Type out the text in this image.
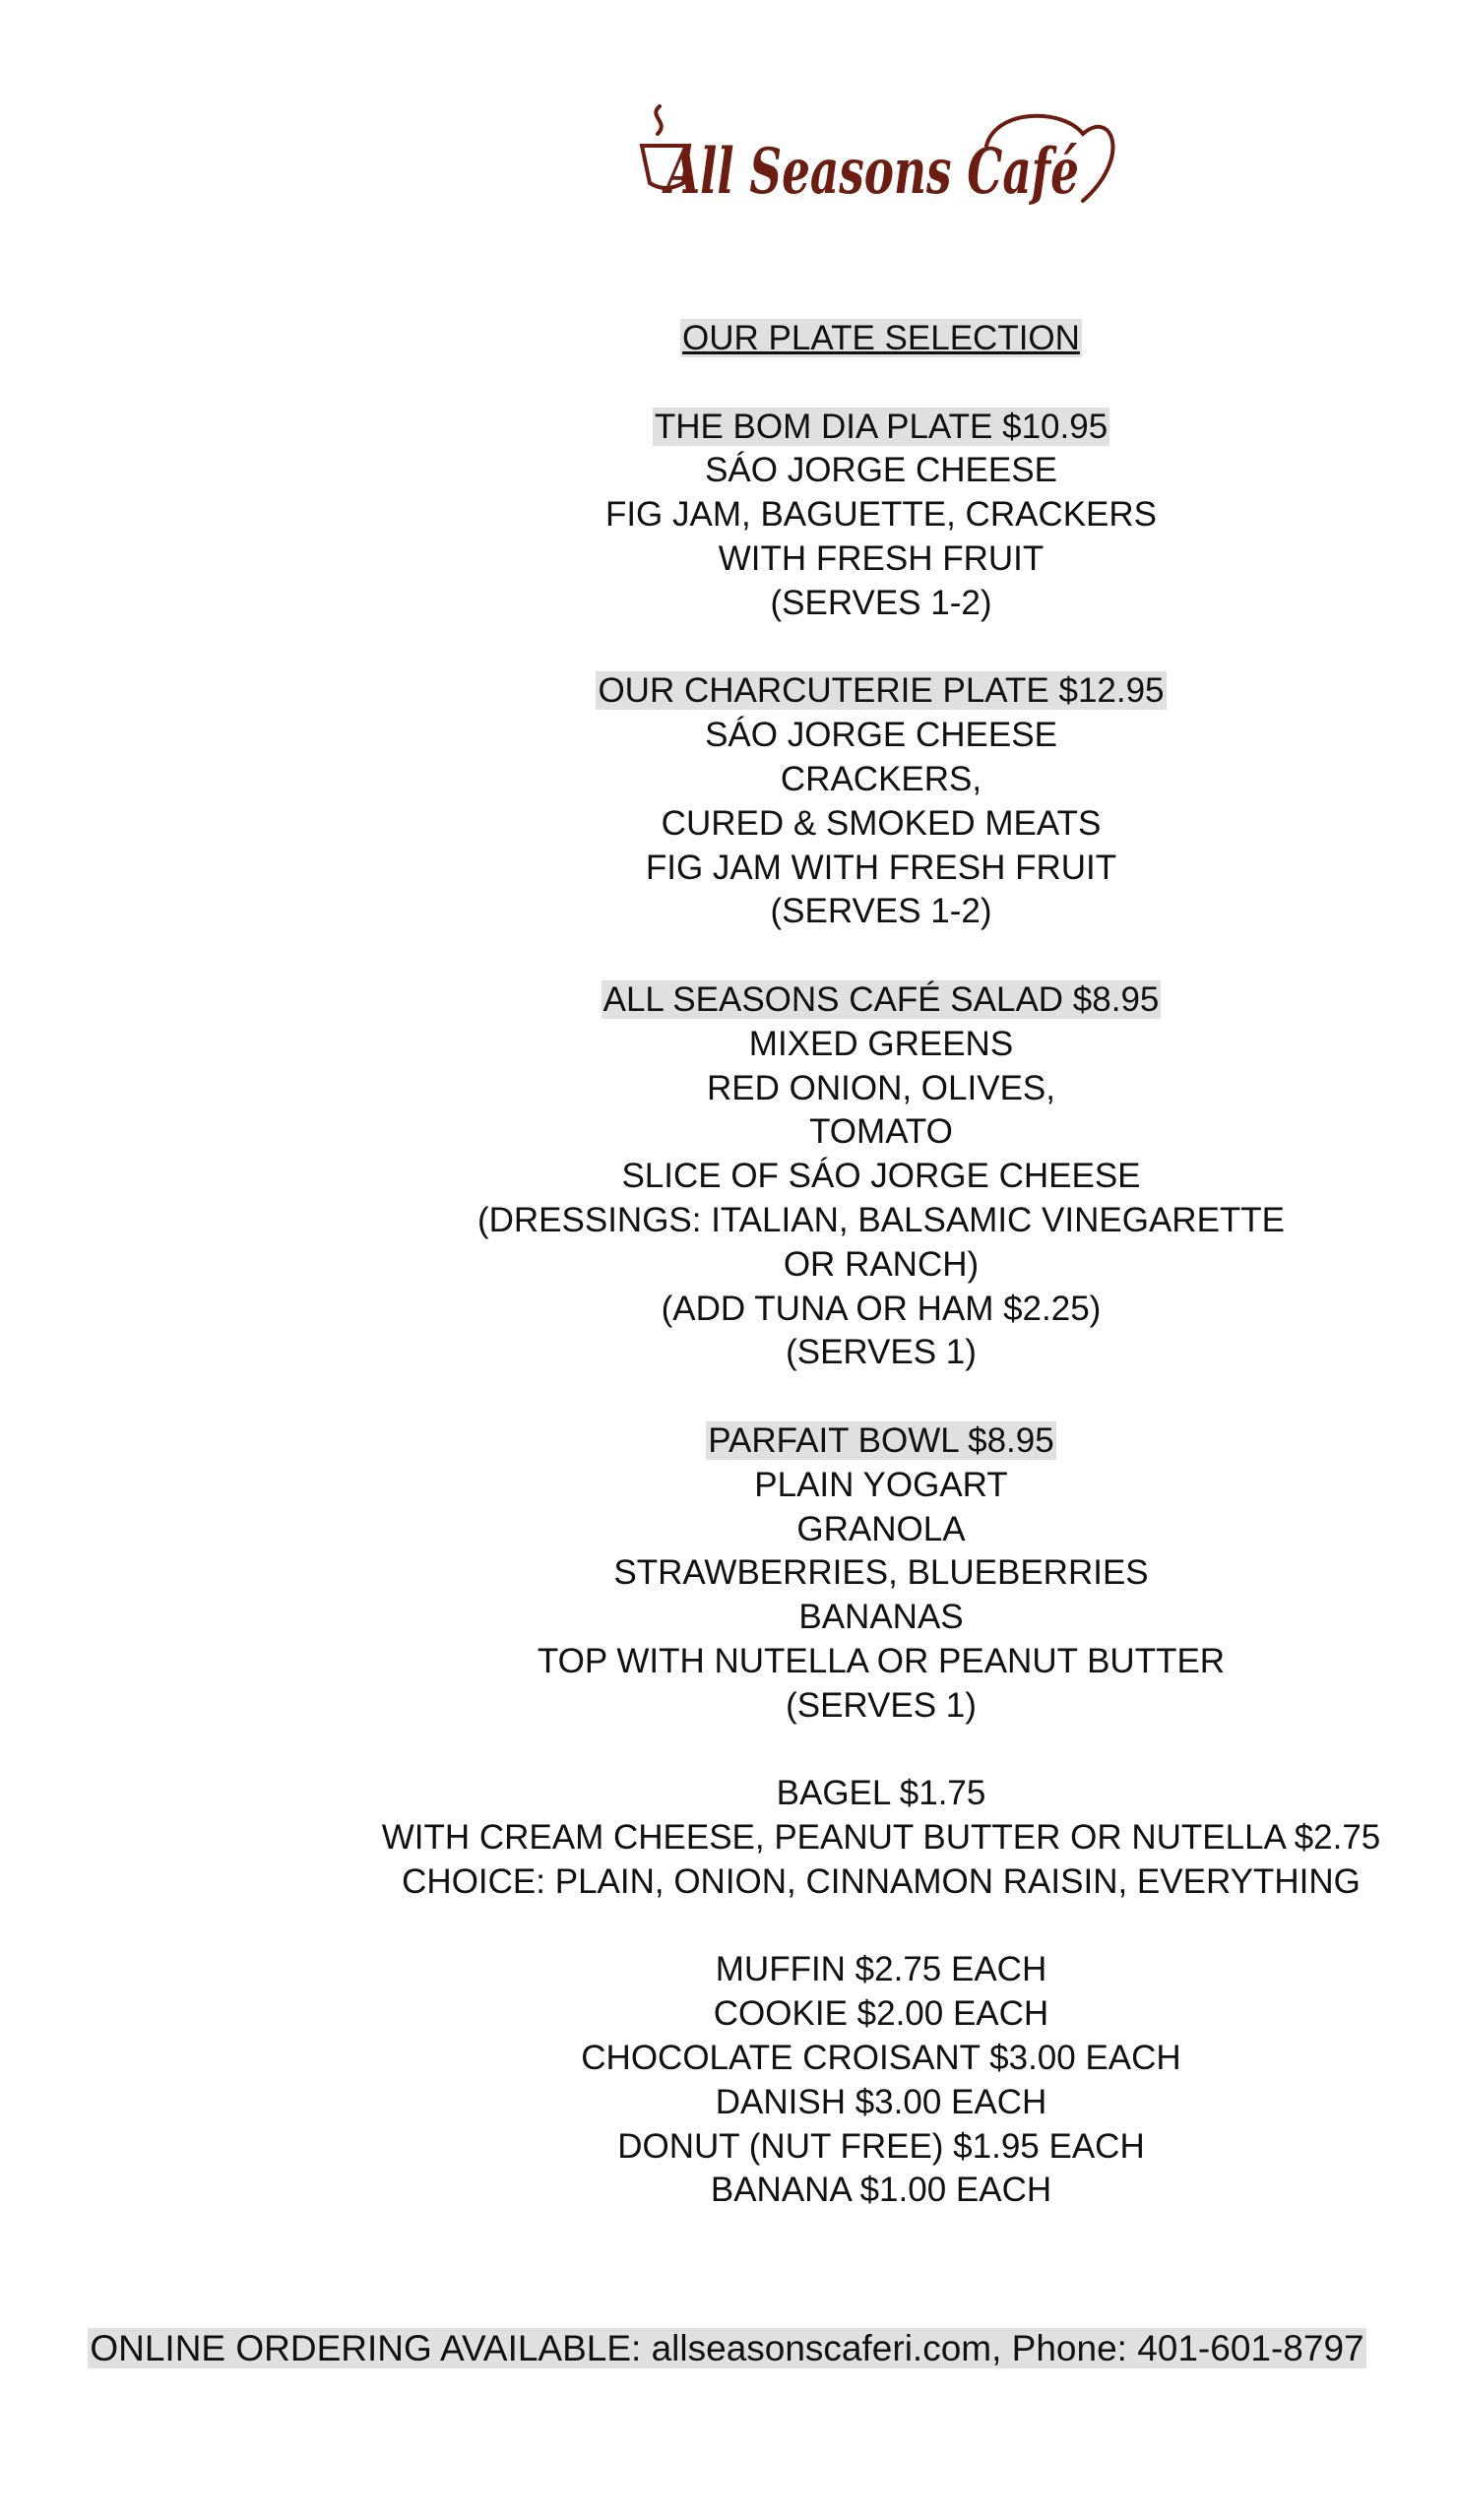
All Seasons Café
OUR PLATE SELECTION
THE BOM DIA PLATE $10.95
SÁO JORGE CHEESE
FIG JAM, BAGUETTE, CRACKERS
WITH FRESH FRUIT
(SERVES 1-2)
OUR CHARCUTERIE PLATE $12.95
SÁO JORGE CHEESE
CRACKERS,
CURED & SMOKED MEATS
FIG JAM WITH FRESH FRUIT
(SERVES 1-2)
ALL SEASONS CAFÉ SALAD $8.95
MIXED GREENS
RED ONION, OLIVES,
TOMATO
SLICE OF SÁO JORGE CHEESE
(DRESSINGS: ITALIAN, BALSAMIC VINEGARETTE
OR RANCH)
(ADD TUNA OR HAM $2.25)
(SERVES 1)
PARFAIT BOWL $8.95
PLAIN YOGART
GRANOLA
STRAWBERRIES, BLUEBERRIES
BANANAS
TOP WITH NUTELLA OR PEANUT BUTTER
(SERVES 1)
BAGEL $1.75
WITH CREAM CHEESE, PEANUT BUTTER OR NUTELLA $2.75
CHOICE: PLAIN, ONION, CINNAMON RAISIN, EVERYTHING
MUFFIN $2.75 EACH
COOKIE $2.00 EACH
CHOCOLATE CROISANT $3.00 EACH
DANISH $3.00 EACH
DONUT (NUT FREE) $1.95 EACH
BANANA $1.00 EACH
ONLINE ORDERING AVAILABLE: allseasonscaferi.com, Phone: 401-601-8797
